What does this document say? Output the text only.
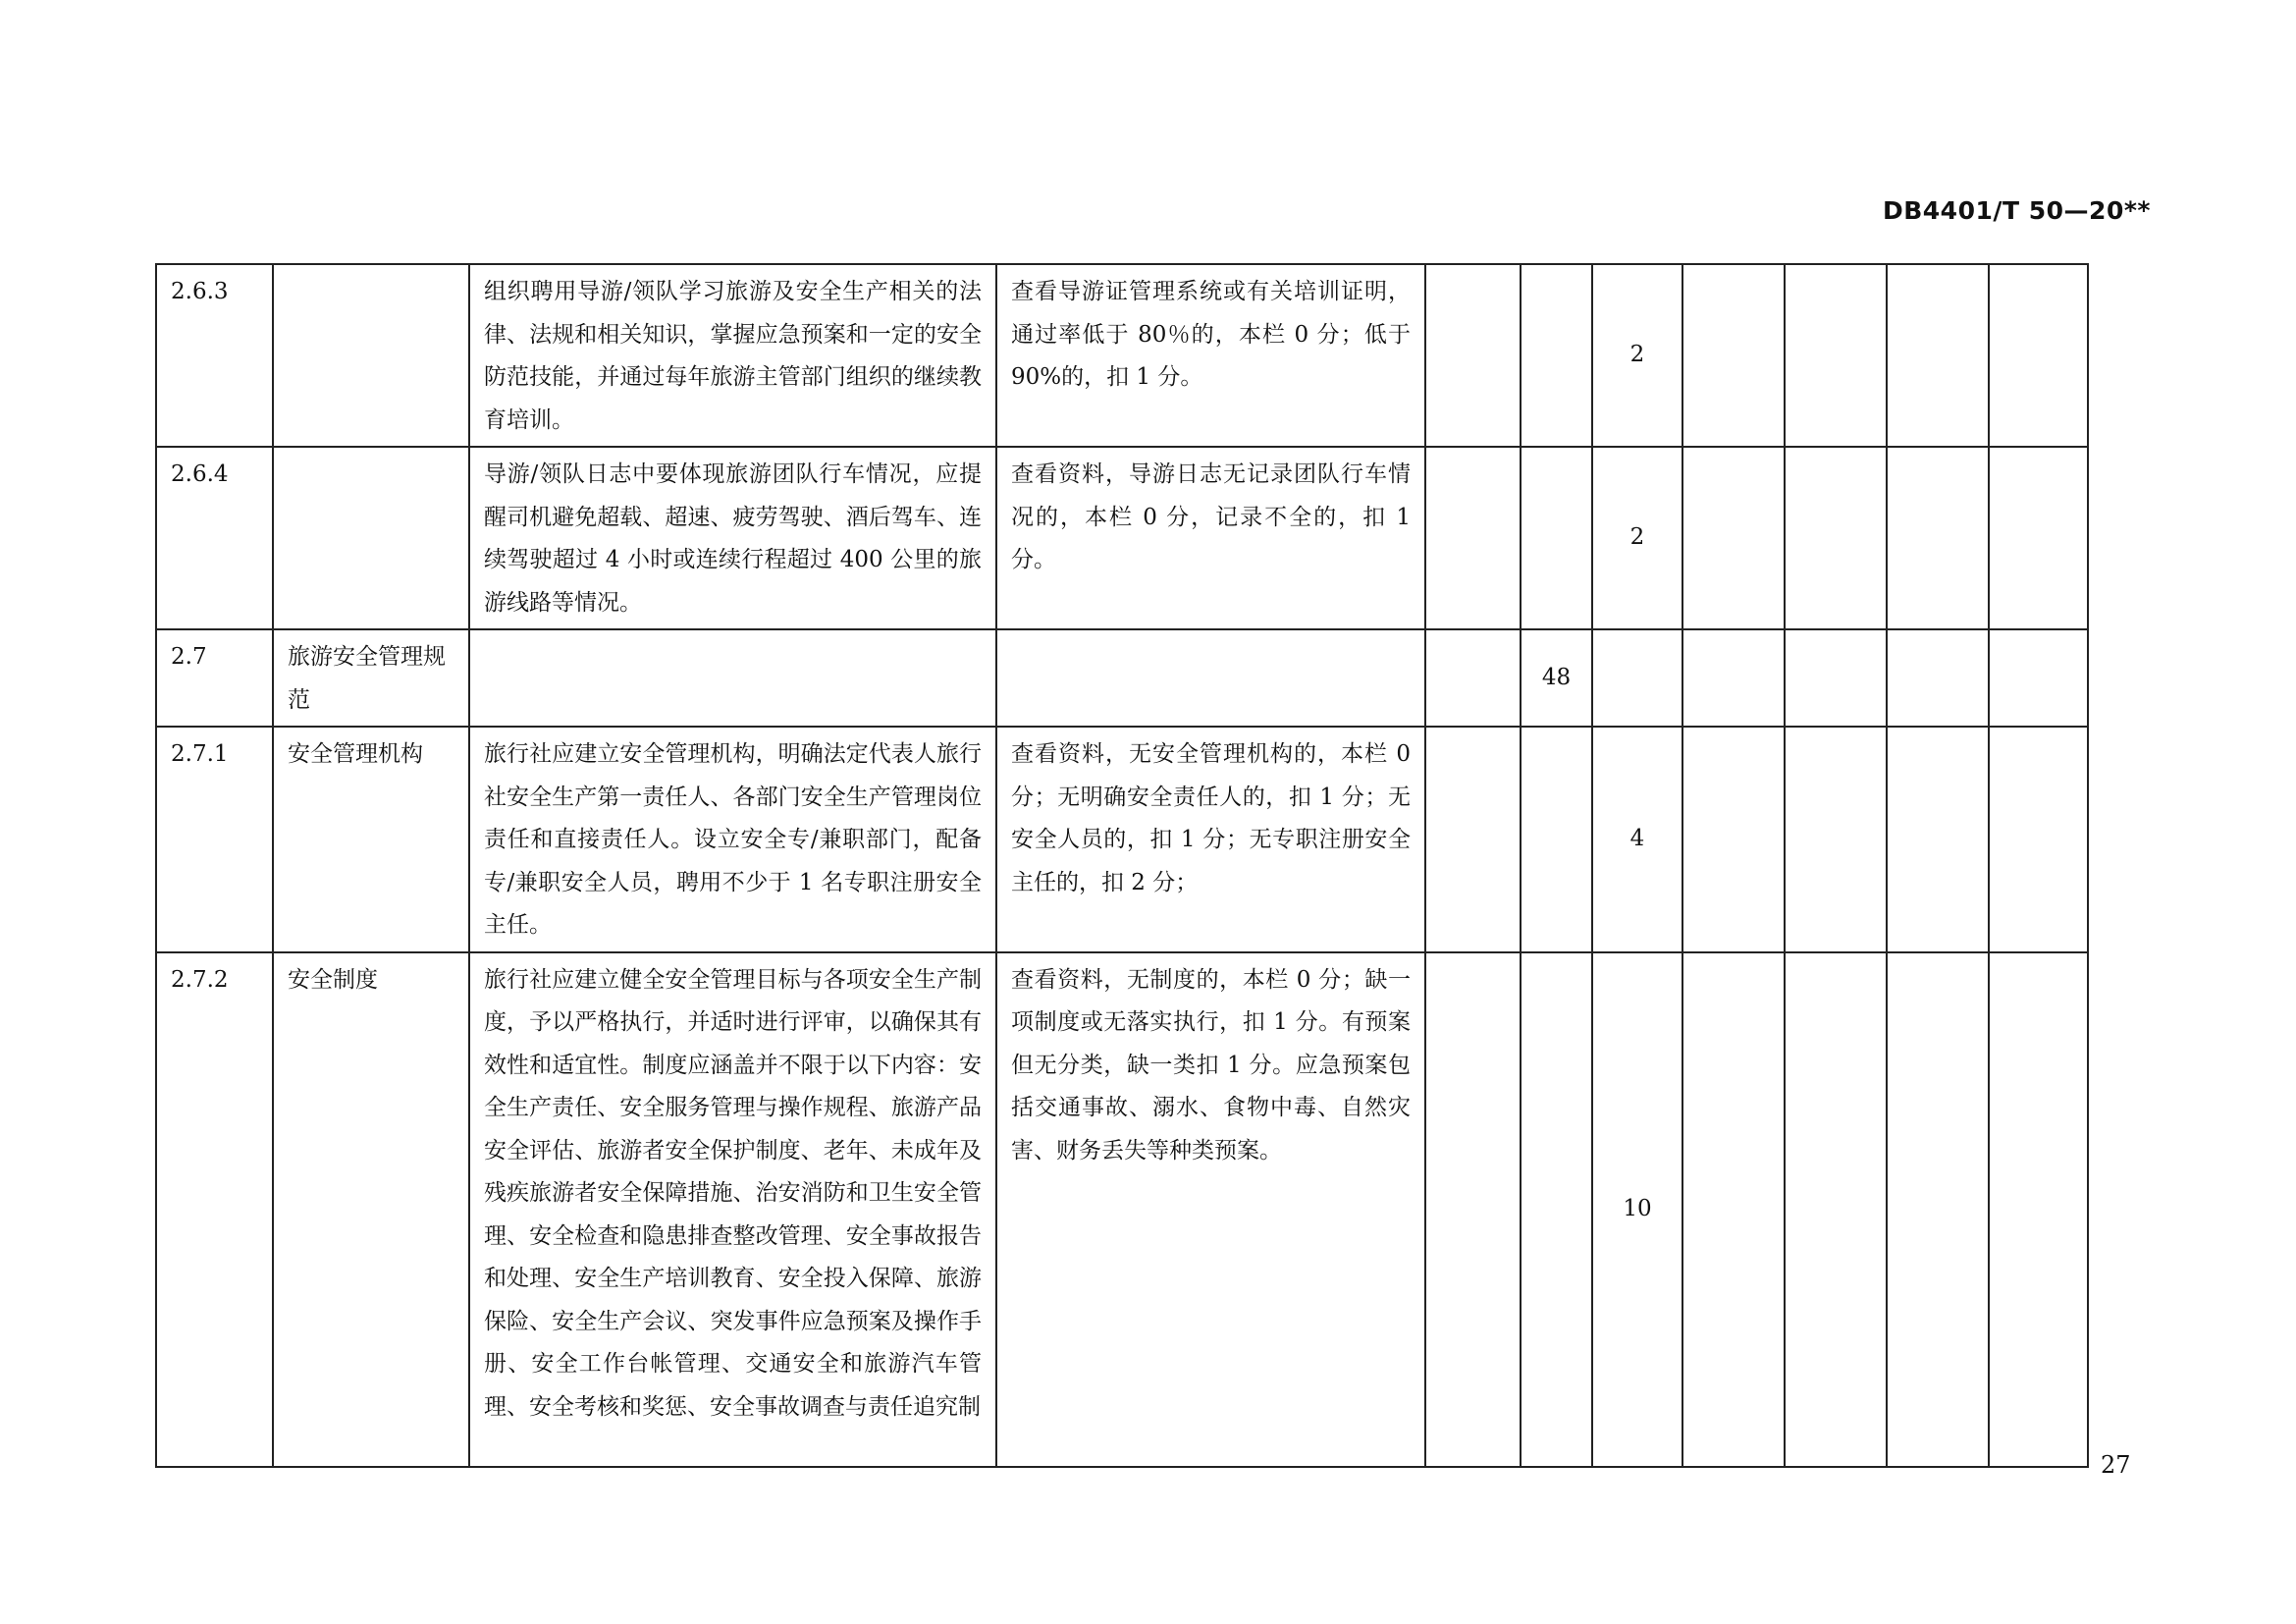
DB4401/T 50—20**
2.6.3		组织聘用导游/领队学习旅游及安全生产相关的法律、法规和相关知识，掌握应急预案和一定的安全防范技能，并通过每年旅游主管部门组织的继续教育培训。	查看导游证管理系统或有关培训证明，通过率低于 80％的，本栏 0 分；低于 90%的，扣 1 分。			2				
2.6.4		导游/领队日志中要体现旅游团队行车情况，应提醒司机避免超载、超速、疲劳驾驶、酒后驾车、连续驾驶超过 4 小时或连续行程超过 400 公里的旅游线路等情况。	查看资料，导游日志无记录团队行车情况的，本栏 0 分，记录不全的，扣 1 分。			2				
2.7	旅游安全管理规范				48					
2.7.1	安全管理机构	旅行社应建立安全管理机构，明确法定代表人旅行社安全生产第一责任人、各部门安全生产管理岗位责任和直接责任人。设立安全专/兼职部门，配备专/兼职安全人员，聘用不少于 1 名专职注册安全主任。	查看资料，无安全管理机构的，本栏 0 分；无明确安全责任人的，扣 1 分；无安全人员的，扣 1 分；无专职注册安全主任的，扣 2 分；			4				
2.7.2	安全制度	旅行社应建立健全安全管理目标与各项安全生产制度，予以严格执行，并适时进行评审，以确保其有效性和适宜性。制度应涵盖并不限于以下内容：安全生产责任、安全服务管理与操作规程、旅游产品安全评估、旅游者安全保护制度、老年、未成年及残疾旅游者安全保障措施、治安消防和卫生安全管理、安全检查和隐患排查整改管理、安全事故报告和处理、安全生产培训教育、安全投入保障、旅游保险、安全生产会议、突发事件应急预案及操作手册、安全工作台帐管理、交通安全和旅游汽车管理、安全考核和奖惩、安全事故调查与责任追究制	查看资料，无制度的，本栏 0 分；缺一项制度或无落实执行，扣 1 分。有预案但无分类，缺一类扣 1 分。应急预案包括交通事故、溺水、食物中毒、自然灾害、财务丢失等种类预案。			10				
27
